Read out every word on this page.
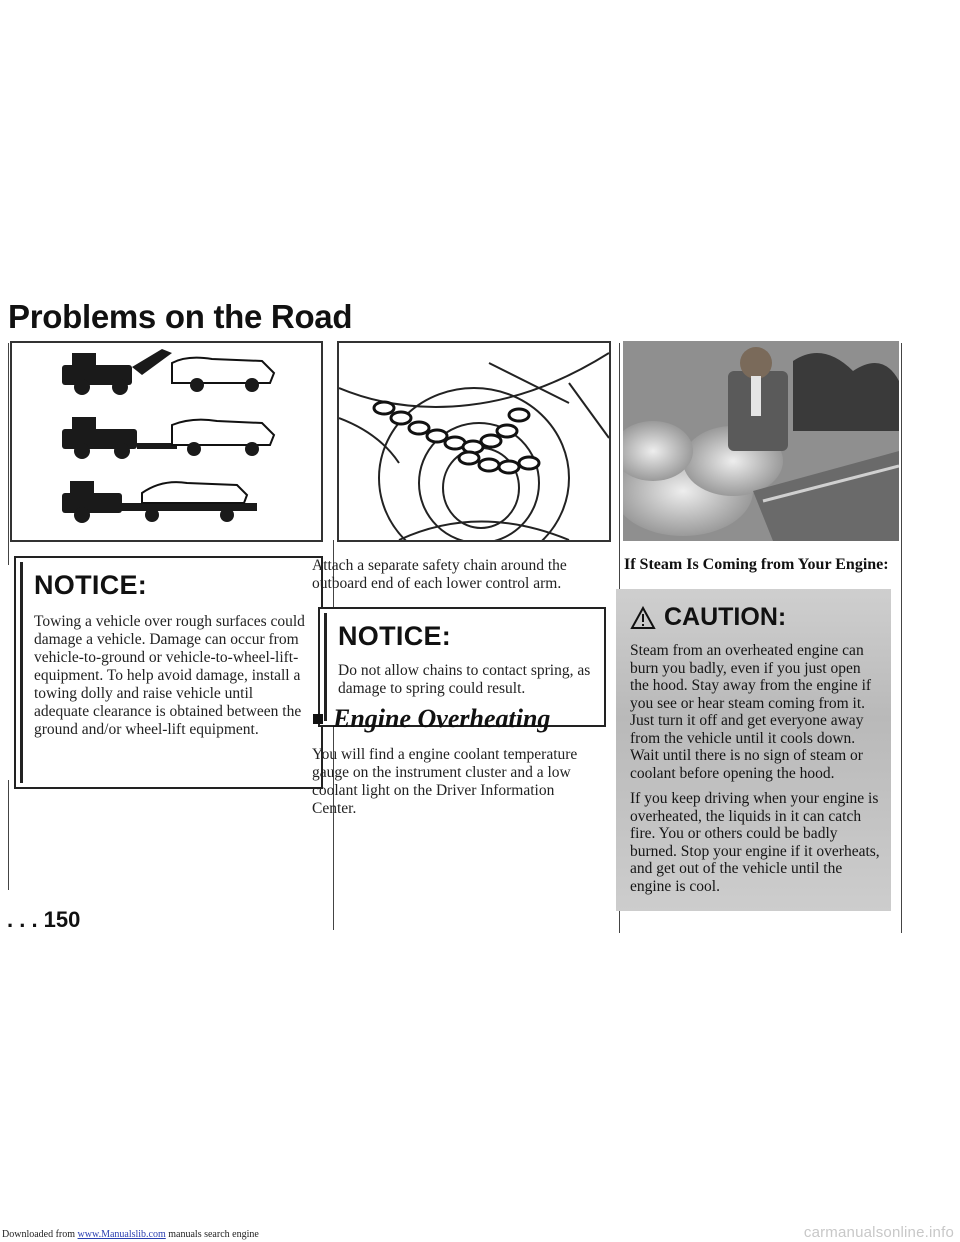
Downloaded from www.Manualslib.com manuals search engine	carmanualsonline.info
Problems on the Road
NOTICE:
Towing a vehicle over rough surfaces could damage a vehicle. Damage can occur from vehicle-to-ground or vehicle-to-wheel-lift-equipment. To help avoid damage, install a towing dolly and raise vehicle until adequate clearance is obtained between the ground and/or wheel-lift equipment.
Attach a separate safety chain around the outboard end of each lower control arm.
NOTICE:
Do not allow chains to contact spring, as damage to spring could result.
Engine Overheating
You will find a engine coolant temperature gauge on the instrument cluster and a low coolant light on the Driver Information Center.
If Steam Is Coming from Your Engine:
CAUTION:

Steam from an overheated engine can burn you badly, even if you just open the hood. Stay away from the engine if you see or hear steam coming from it. Just turn it off and get everyone away from the vehicle until it cools down. Wait until there is no sign of steam or coolant before opening the hood.

If you keep driving when your engine is overheated, the liquids in it can catch fire. You or others could be badly burned. Stop your engine if it overheats, and get out of the vehicle until the engine is cool.

. . . 150
